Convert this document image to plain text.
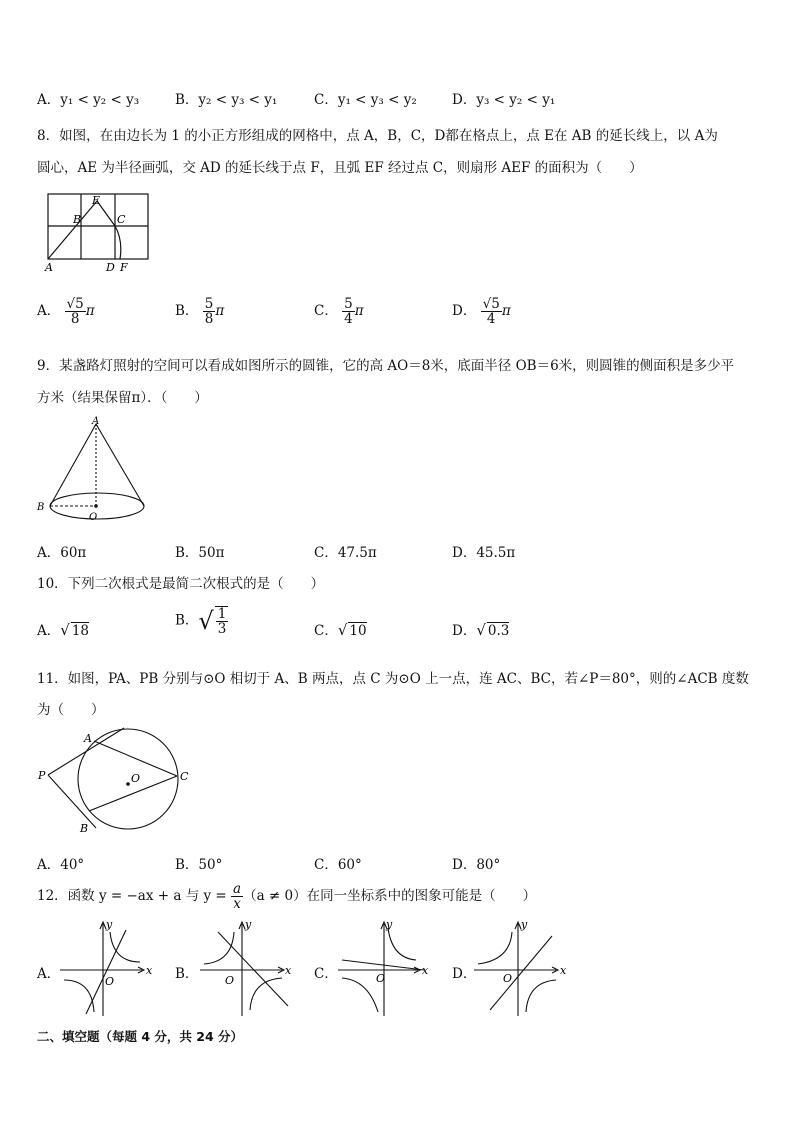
A．y₁ < y₂ < y₃	B．y₂ < y₃ < y₁	C．y₁ < y₃ < y₂	D．y₃ < y₂ < y₁
8．如图，在由边长为 1 的小正方形组成的网格中，点 A，B，C，D都在格点上，点 E在 AB 的延长线上，以 A为
圆心，AE 为半径画弧，交 AD 的延长线于点 F，且弧 EF 经过点 C，则扇形 AEF 的面积为（　　）
A
B
E
C
D F
A． $\frac{√5}{8}$ π	B． $\frac{5}{8}$ π	C． $\frac{5}{4}$ π	D． $\frac{√5}{4}$ π
9．某盏路灯照射的空间可以看成如图所示的圆锥，它的高 AO＝8米，底面半径 OB＝6米，则圆锥的侧面积是多少平
方米（结果保留π）．（　　）
A
B
O
A．60π	B．50π	C．47.5π	D．45.5π
10．下列二次根式是最简二次根式的是（　　）
A．√ 18
B．√ $\frac{1}{3}$	C．√ 10	D．√ 0.3
11．如图，PA、PB 分别与⊙O 相切于 A、B 两点，点 C 为⊙O 上一点，连 AC、BC，若∠P＝80°，则的∠ACB 度数
为（　　）
A
P	O	C
B
A．40°	B．50°	C．60°	D．80°
12．函数 y = −ax + a 与 $y = \frac{a}{x} (a \ne 0)$在同一坐标系中的图象可能是（　　）
A．	B．	C．	D．
x
y
O
x
y
O
x
y
O
x
y
O
二、填空题（每题 4 分，共 24 分）
